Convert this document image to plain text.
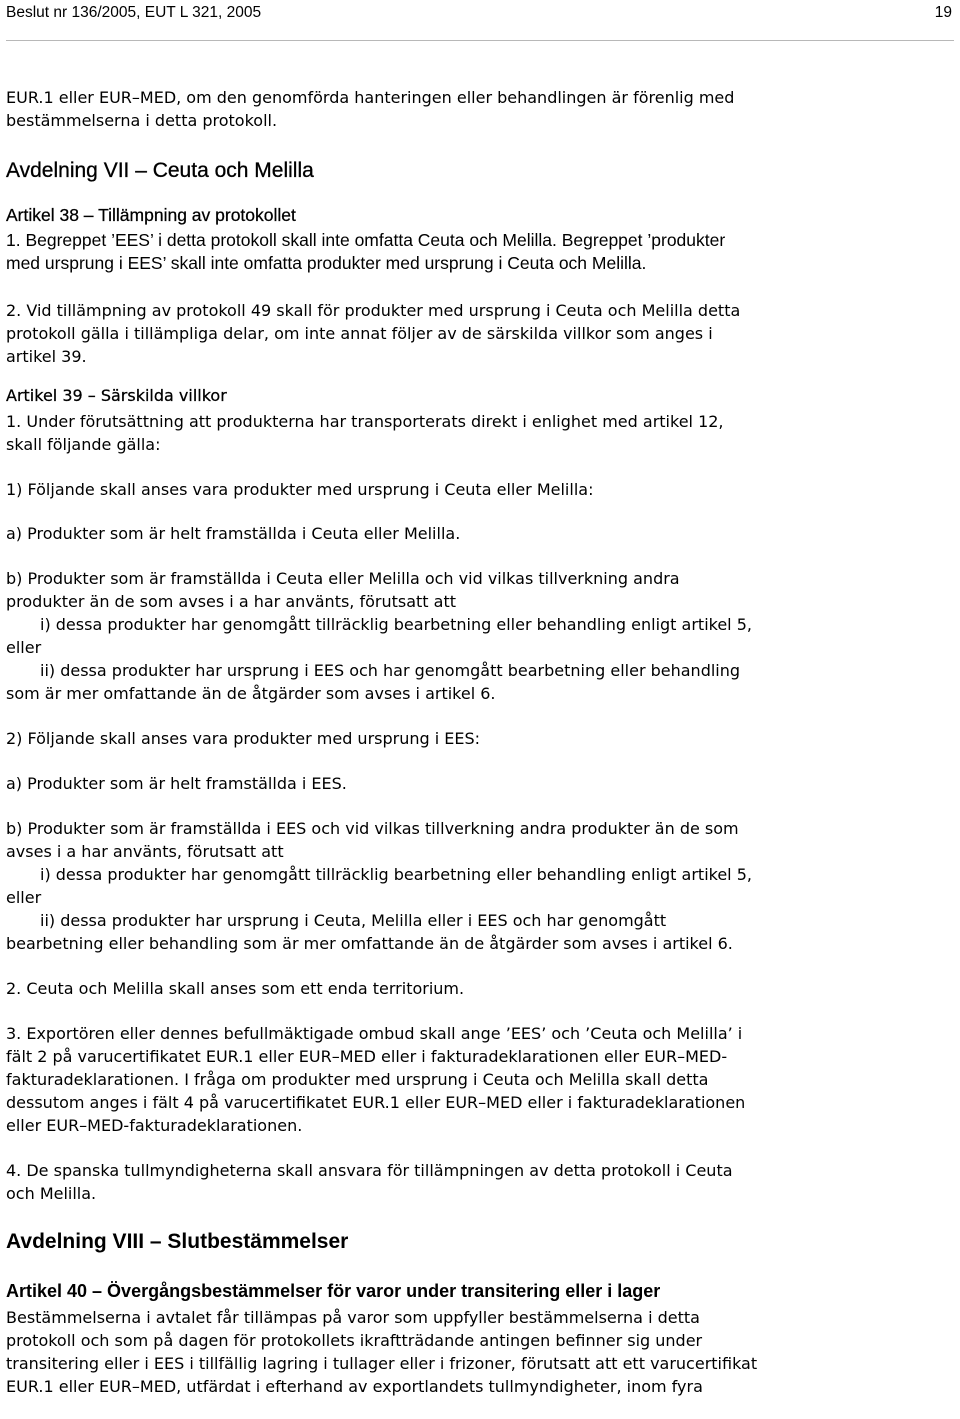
Beslut nr 136/2005, EUT L 321, 2005	19

EUR.1 eller EUR–MED, om den genomförda hanteringen eller behandlingen är förenlig med

bestämmelserna i detta protokoll.

Avdelning VII – Ceuta och Melilla
Artikel 38 – Tillämpning av protokollet

1. Begreppet ’EES’ i detta protokoll skall inte omfatta Ceuta och Melilla. Begreppet ’produkter

med ursprung i EES’ skall inte omfatta produkter med ursprung i Ceuta och Melilla.

2. Vid tillämpning av protokoll 49 skall för produkter med ursprung i Ceuta och Melilla detta

protokoll gälla i tillämpliga delar, om inte annat följer av de särskilda villkor som anges i

artikel 39.

Artikel 39 – Särskilda villkor

1. Under förutsättning att produkterna har transporterats direkt i enlighet med artikel 12,

skall följande gälla:

1) Följande skall anses vara produkter med ursprung i Ceuta eller Melilla:

a) Produkter som är helt framställda i Ceuta eller Melilla.

b) Produkter som är framställda i Ceuta eller Melilla och vid vilkas tillverkning andra

produkter än de som avses i a har använts, förutsatt att

i) dessa produkter har genomgått tillräcklig bearbetning eller behandling enligt artikel 5,

eller

ii) dessa produkter har ursprung i EES och har genomgått bearbetning eller behandling

som är mer omfattande än de åtgärder som avses i artikel 6.

2) Följande skall anses vara produkter med ursprung i EES:

a) Produkter som är helt framställda i EES.

b) Produkter som är framställda i EES och vid vilkas tillverkning andra produkter än de som

avses i a har använts, förutsatt att

i) dessa produkter har genomgått tillräcklig bearbetning eller behandling enligt artikel 5,

eller

ii) dessa produkter har ursprung i Ceuta, Melilla eller i EES och har genomgått

bearbetning eller behandling som är mer omfattande än de åtgärder som avses i artikel 6.

2. Ceuta och Melilla skall anses som ett enda territorium.

3. Exportören eller dennes befullmäktigade ombud skall ange ’EES’ och ’Ceuta och Melilla’ i

fält 2 på varucertifikatet EUR.1 eller EUR–MED eller i fakturadeklarationen eller EUR–MED-

fakturadeklarationen. I fråga om produkter med ursprung i Ceuta och Melilla skall detta

dessutom anges i fält 4 på varucertifikatet EUR.1 eller EUR–MED eller i fakturadeklarationen

eller EUR–MED-fakturadeklarationen.

4. De spanska tullmyndigheterna skall ansvara för tillämpningen av detta protokoll i Ceuta

och Melilla.

Avdelning VIII – Slutbestämmelser
Artikel 40 – Övergångsbestämmelser för varor under transitering eller i lager

Bestämmelserna i avtalet får tillämpas på varor som uppfyller bestämmelserna i detta

protokoll och som på dagen för protokollets ikraftträdande antingen befinner sig under

transitering eller i EES i tillfällig lagring i tullager eller i frizoner, förutsatt att ett varucertifikat

EUR.1 eller EUR–MED, utfärdat i efterhand av exportlandets tullmyndigheter, inom fyra
